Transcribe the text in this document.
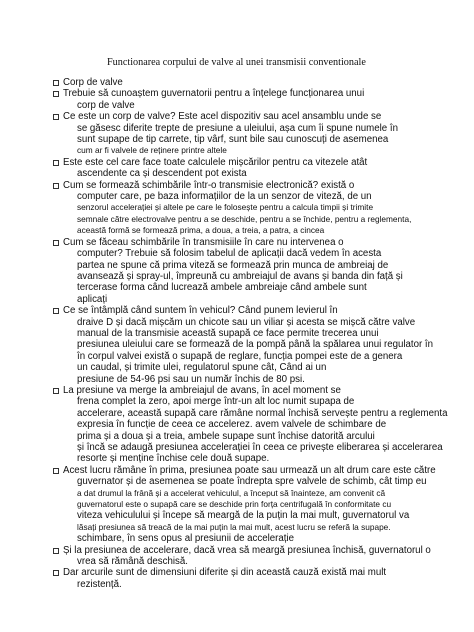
Functionarea corpului de valve al unei transmisii conventionale
Corp de valve
Trebuie să cunoaștem guvernatorii pentru a înțelege funcționarea unui
corp de valve
Ce este un corp de valve? Este acel dispozitiv sau acel ansamblu unde se
se găsesc diferite trepte de presiune a uleiului, așa cum îi spune numele în
sunt supape de tip carrete, tip vârf, sunt bile sau cunoscuți de asemenea
cum ar fi valvele de reținere printre altele
Este este cel care face toate calculele mișcărilor pentru ca vitezele atât
ascendente ca și descendent pot exista
Cum se formează schimbările într-o transmisie electronică? există o
computer care, pe baza informațiilor de la un senzor de viteză, de un
senzorul accelerației și altele pe care le folosește pentru a calcula timpii și trimite
semnale către electrovalve pentru a se deschide, pentru a se închide, pentru a reglementa,
această formă se formează prima, a doua, a treia, a patra, a cincea
Cum se făceau schimbările în transmisiile în care nu intervenea o
computer? Trebuie să folosim tabelul de aplicații dacă vedem în acesta
partea ne spune că prima viteză se formează prin munca de ambreiaj de
avanseazǎ și spray-ul, împreună cu ambreiajul de avans și banda din față și
tercerase forma când lucrează ambele ambreiaje când ambele sunt
aplicați
Ce se întâmplă când suntem în vehicul? Când punem levierul în
draive D și dacă mișcăm un chicote sau un viliar și acesta se mișcă către valve
manual de la transmisie această supapă ce face permite trecerea unui
presiunea uleiului care se formează de la pompă până la spălarea unui regulator în
în corpul valvei există o supapă de reglare, funcția pompei este de a genera
un caudal, și trimite ulei, regulatorul spune cât, Când ai un
presiune de 54-96 psi sau un număr închis de 80 psi.
La presiune va merge la ambreiajul de avans, în acel moment se
frena complet la zero, apoi merge într-un alt loc numit supapa de
accelerare, această supapă care rămâne normal închisă servește pentru a reglementa
expresia în funcție de ceea ce accelerez. avem valvele de schimbare de
prima și a doua și a treia, ambele supape sunt închise datorită arcului
și încă se adaugă presiunea accelerației în ceea ce privește eliberarea și accelerarea
resorte și menține închise cele două supape.
Acest lucru rămâne în prima, presiunea poate sau urmează un alt drum care este către
guvernator și de asemenea se poate îndrepta spre valvele de schimb, cât timp eu
a dat drumul la frână și a accelerat vehiculul, a început să înainteze, am convenit că
guvernatorul este o supapă care se deschide prin forța centrifugală în conformitate cu
viteza vehiculului și începe să meargă de la puțin la mai mult, guvernatorul va
lăsați presiunea să treacă de la mai puțin la mai mult, acest lucru se referă la supape.
schimbare, în sens opus al presiunii de accelerație
Și la presiunea de accelerare, dacă vrea să meargă presiunea închisă, guvernatorul o
vrea să rămână deschisă.
Dar arcurile sunt de dimensiuni diferite și din această cauză există mai mult
rezistență.
